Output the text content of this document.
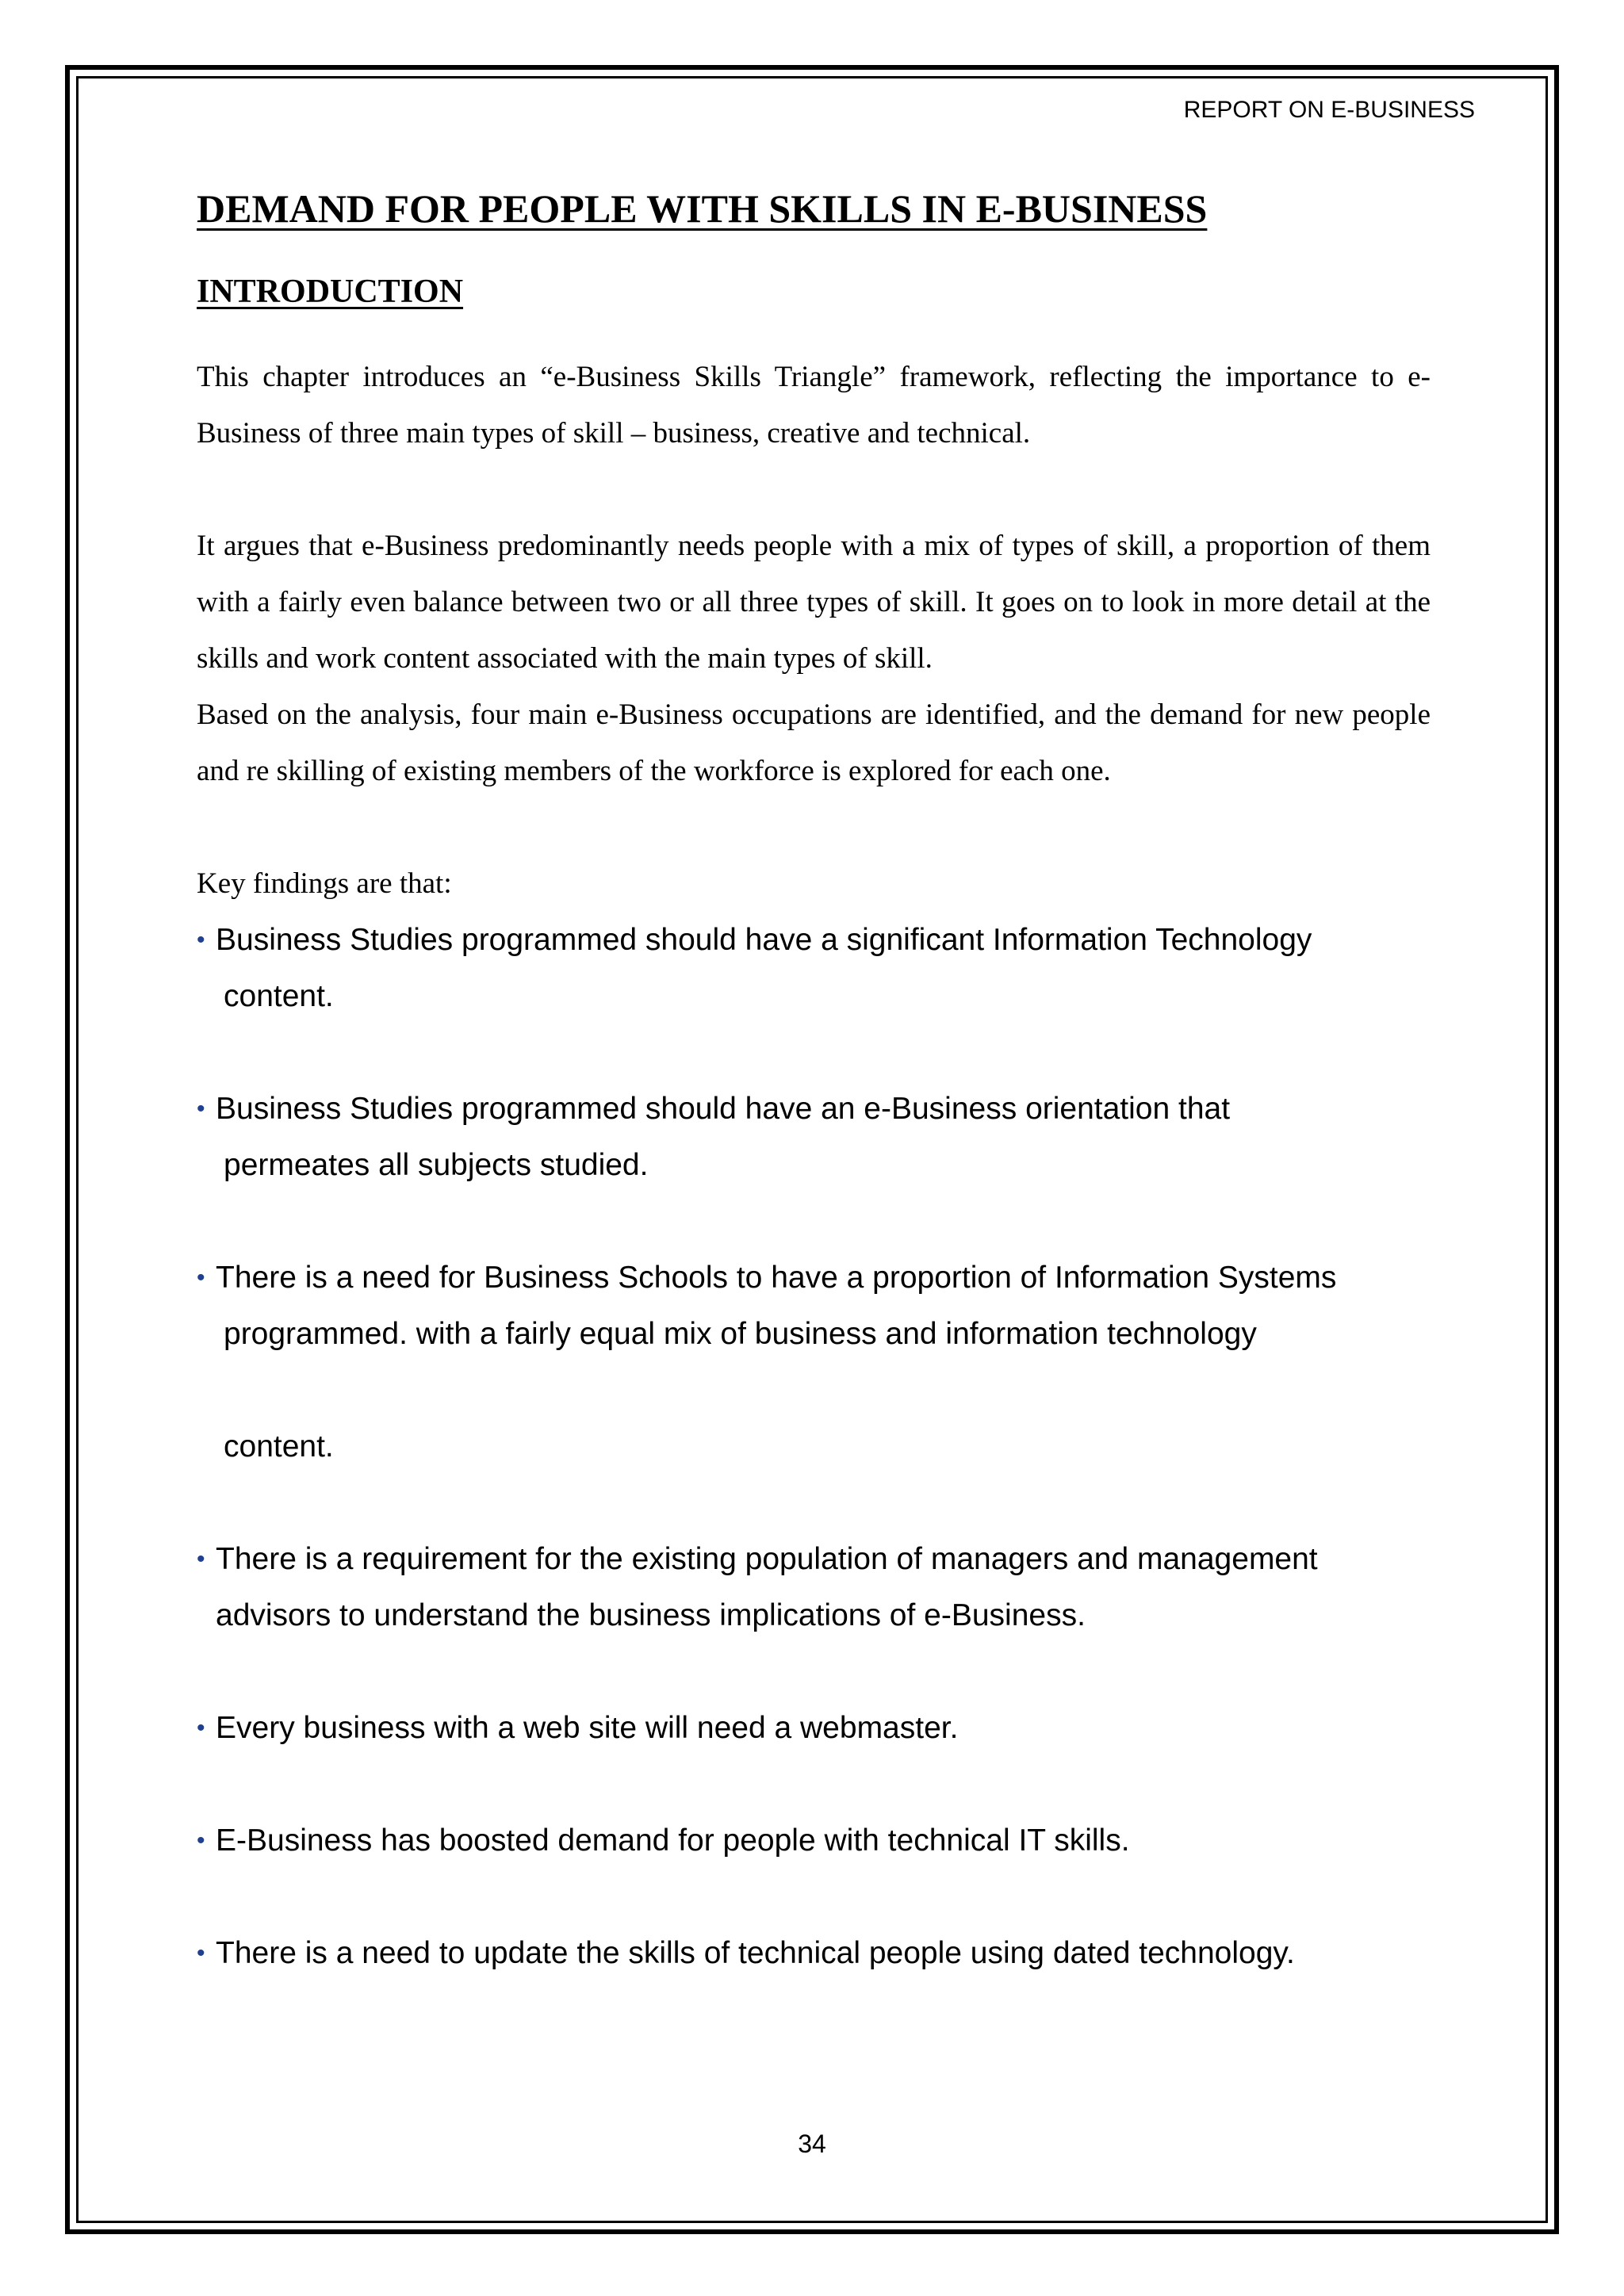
REPORT ON E-BUSINESS
DEMAND FOR PEOPLE WITH SKILLS IN E-BUSINESS
INTRODUCTION

This chapter introduces an “e-Business Skills Triangle” framework, reflecting the importance to e-Business of three main types of skill – business, creative and technical.

It argues that e-Business predominantly needs people with a mix of types of skill, a proportion of them with a fairly even balance between two or all three types of skill. It goes on to look in more detail at the skills and work content associated with the main types of skill.

Based on the analysis, four main e-Business occupations are identified, and the demand for new people and re skilling of existing members of the workforce is explored for each one.

Key findings are that:

• Business Studies programmed should have a significant Information Technology

content.
• Business Studies programmed should have an e-Business orientation that

permeates all subjects studied.
• There is a need for Business Schools to have a proportion of Information Systems

programmed. with a fairly equal mix of business and information technology

content.
• There is a requirement for the existing population of managers and management
advisors to understand the business implications of e-Business.
• Every business with a web site will need a webmaster.
• E-Business has boosted demand for people with technical IT skills.
• There is a need to update the skills of technical people using dated technology.
34
